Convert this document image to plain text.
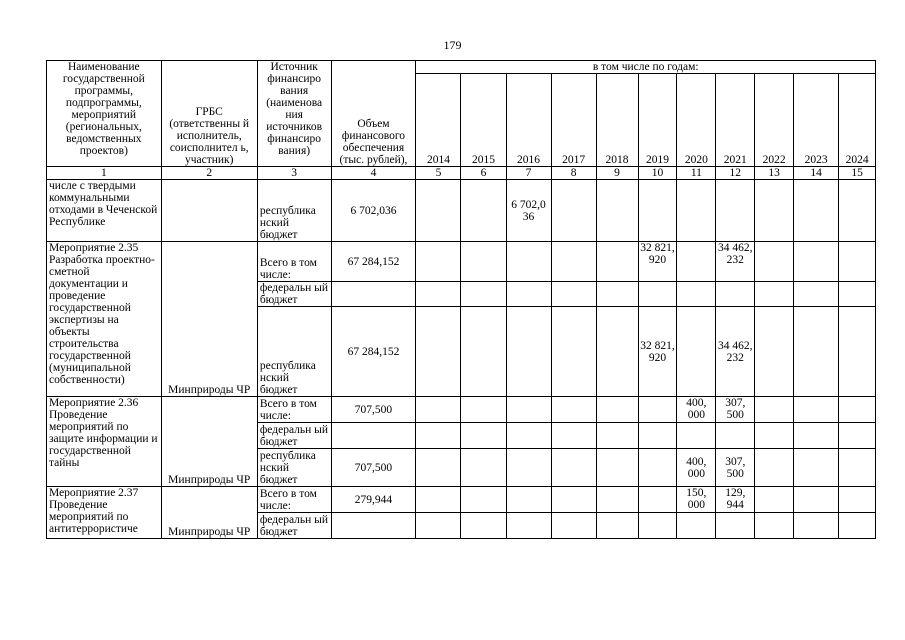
179
Наименование государственной программы, подпрограммы, мероприятий (региональных, ведомственных проектов)	ГРБС (ответственны й исполнитель, соисполнител ь, участник)	Источник финансиро вания (наименова ния источников финансиро вания)	Объем финансового обеспечения (тыс. рублей),	в том числе по годам:										
				2014	2015	2016	2017	2018	2019	2020	2021	2022	2023	2024
1	2	3	4	5	6	7	8	9	10	11	12	13	14	15
числе с твердыми коммунальными отходами в Чеченской Республике		республика нский бюджет	6 702,036			6 702,0 36								
Мероприятие 2.35 Разработка проектно-сметной документации и проведение государственной экспертизы на объекты строительства государственной (муниципальной собственности)	Минприроды ЧР	Всего в том числе:	67 284,152						32 821, 920		34 462, 232			
		федеральн ый бюджет												
		республика нский бюджет	67 284,152						32 821, 920		34 462, 232			
Мероприятие 2.36 Проведение мероприятий по защите информации и государственной тайны	Минприроды ЧР	Всего в том числе:	707,500							400, 000	307, 500			
		федеральн ый бюджет												
		республика нский бюджет	707,500							400, 000	307, 500			
Мероприятие 2.37 Проведение мероприятий по антитеррористиче	Минприроды ЧР	Всего в том числе:	279,944							150, 000	129, 944			
		федеральн ый бюджет												
